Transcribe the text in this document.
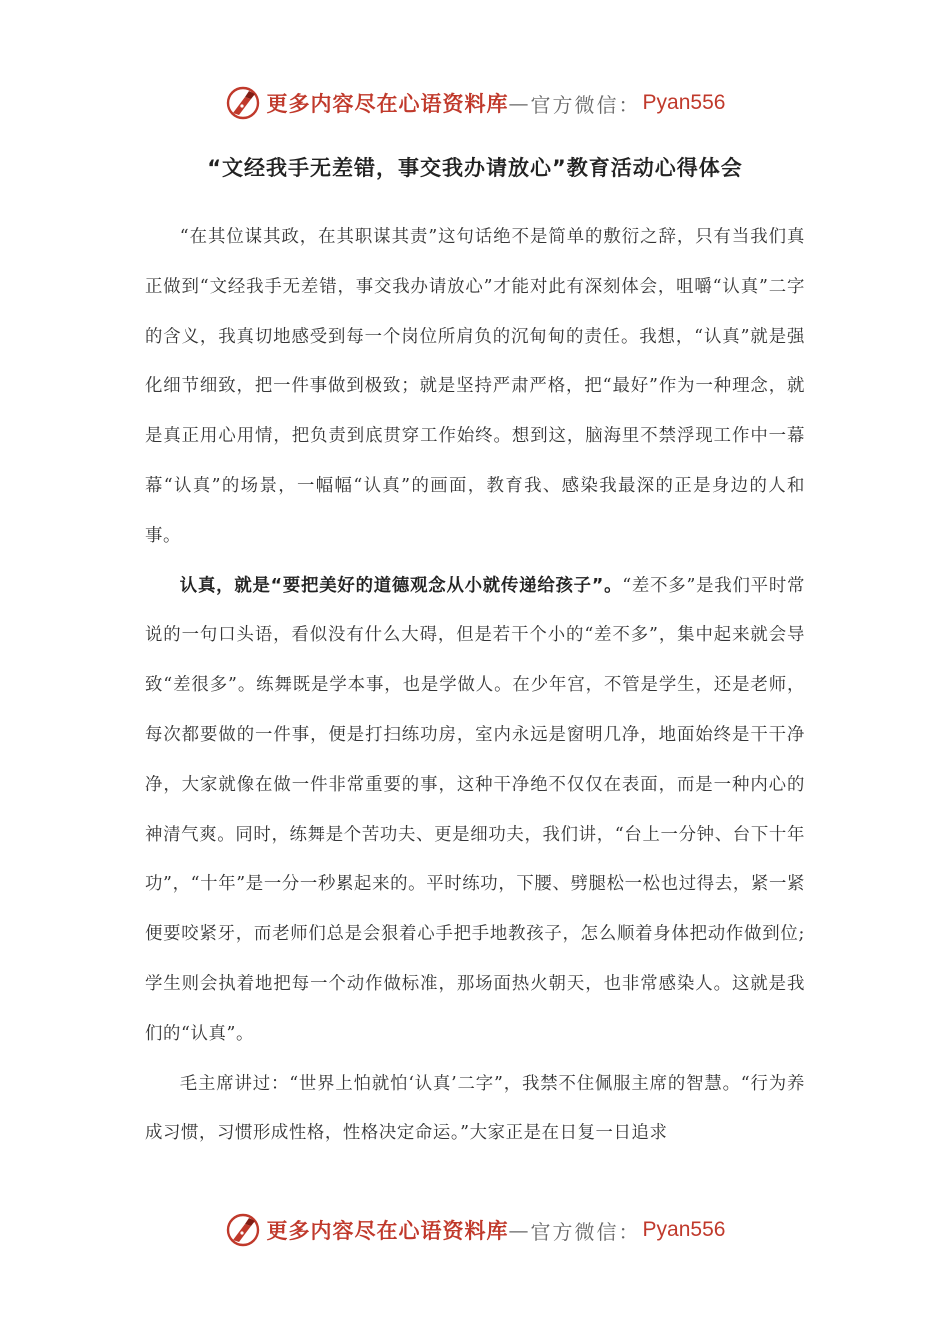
更多内容尽在心语资料库 — 官方微信： Pyan556
“文经我手无差错，事交我办请放心”教育活动心得体会

“在其位谋其政，在其职谋其责”这句话绝不是简单的敷衍之辞，只有当我们真正做到“文经我手无差错，事交我办请放心”才能对此有深刻体会，咀嚼“认真”二字的含义，我真切地感受到每一个岗位所肩负的沉甸甸的责任。我想，“认真”就是强化细节细致，把一件事做到极致；就是坚持严肃严格，把“最好”作为一种理念，就是真正用心用情，把负责到底贯穿工作始终。想到这，脑海里不禁浮现工作中一幕幕“认真”的场景，一幅幅“认真”的画面，教育我、感染我最深的正是身边的人和事。

认真，就是“要把美好的道德观念从小就传递给孩子”。“差不多”是我们平时常说的一句口头语，看似没有什么大碍，但是若干个小的“差不多”，集中起来就会导致“差很多”。练舞既是学本事，也是学做人。在少年宫，不管是学生，还是老师，每次都要做的一件事，便是打扫练功房，室内永远是窗明几净，地面始终是干干净净，大家就像在做一件非常重要的事，这种干净绝不仅仅在表面，而是一种内心的神清气爽。同时，练舞是个苦功夫、更是细功夫，我们讲，“台上一分钟、台下十年功”，“十年”是一分一秒累起来的。平时练功，下腰、劈腿松一松也过得去，紧一紧便要咬紧牙，而老师们总是会狠着心手把手地教孩子，怎么顺着身体把动作做到位;学生则会执着地把每一个动作做标准，那场面热火朝天，也非常感染人。这就是我们的“认真”。

毛主席讲过：“世界上怕就怕‘认真’二字”，我禁不住佩服主席的智慧。“行为养成习惯，习惯形成性格，性格决定命运。”大家正是在日复一日追求

更多内容尽在心语资料库 — 官方微信： Pyan556
